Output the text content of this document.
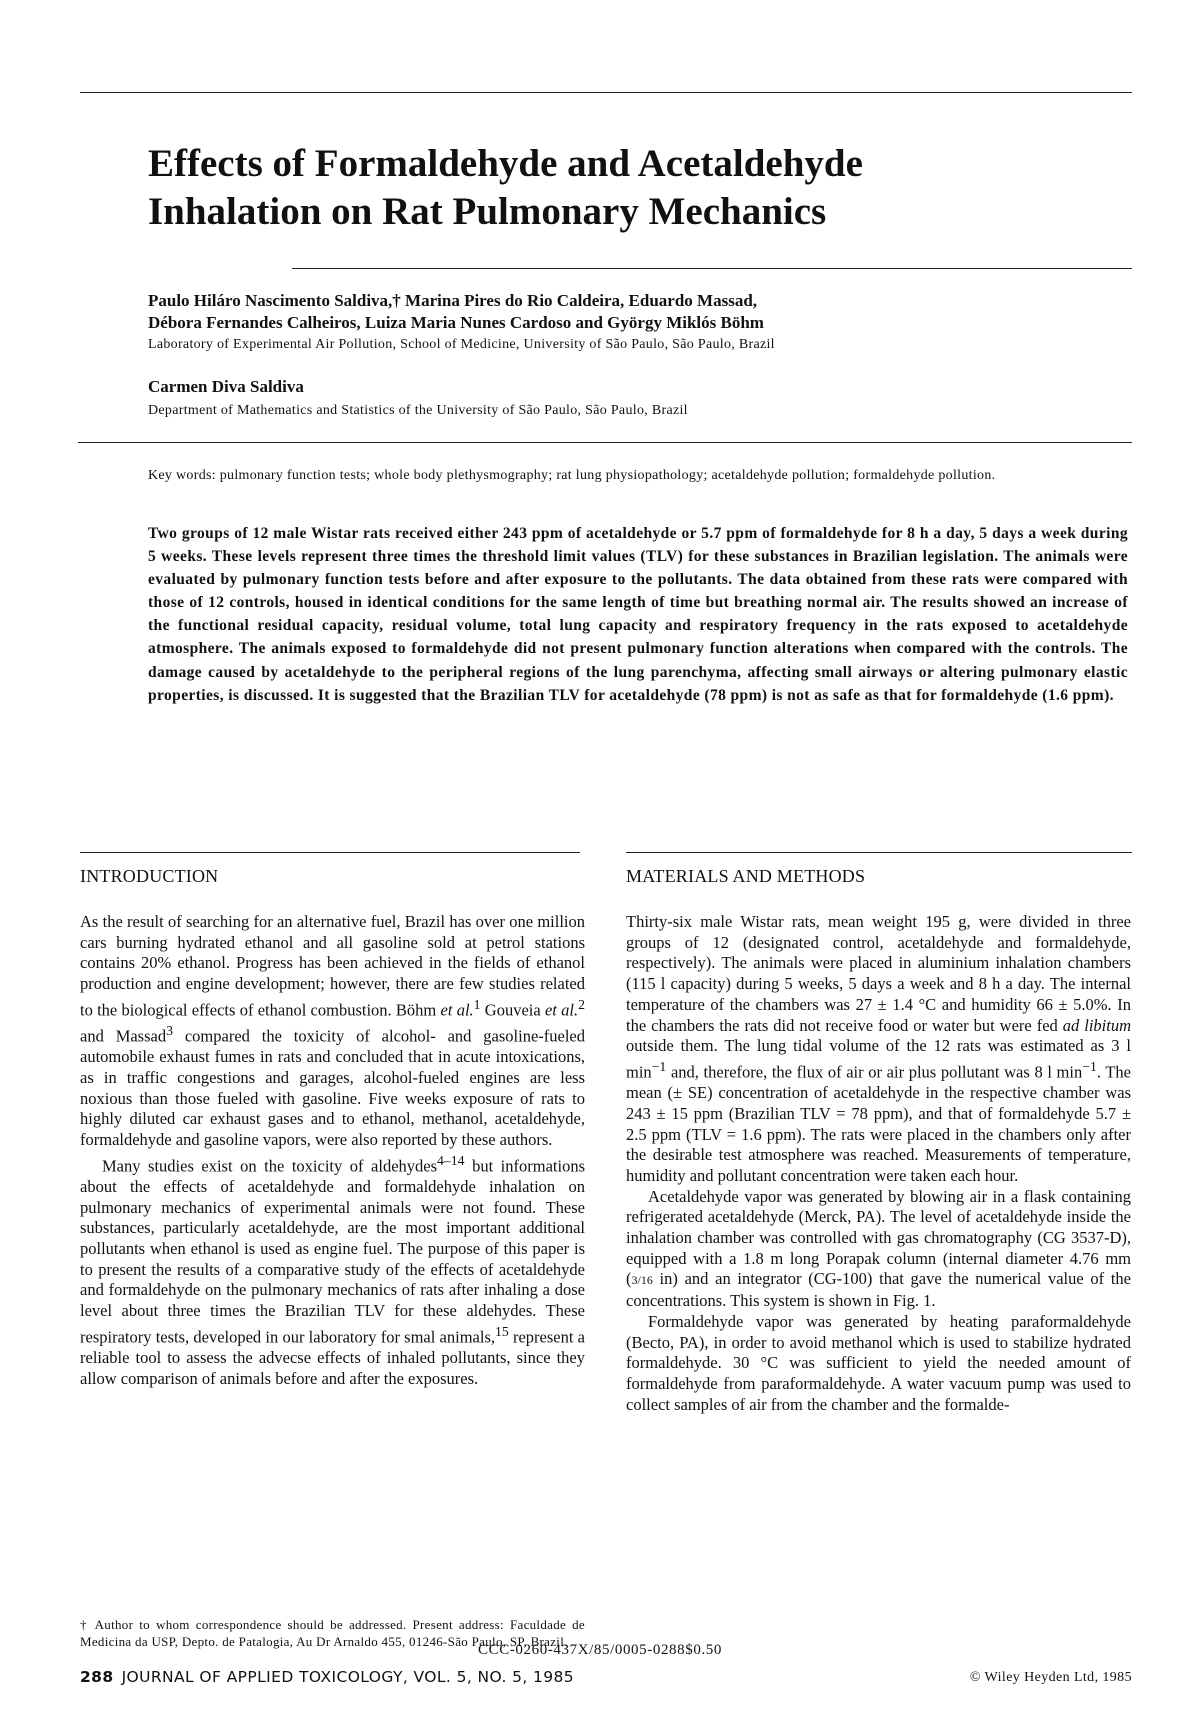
Effects of Formaldehyde and Acetaldehyde
Inhalation on Rat Pulmonary Mechanics

Paulo Hiláro Nascimento Saldiva,† Marina Pires do Rio Caldeira, Eduardo Massad,
Débora Fernandes Calheiros, Luiza Maria Nunes Cardoso and György Miklós Böhm

Laboratory of Experimental Air Pollution, School of Medicine, University of São Paulo, São Paulo, Brazil

Carmen Diva Saldiva

Department of Mathematics and Statistics of the University of São Paulo, São Paulo, Brazil

Key words: pulmonary function tests; whole body plethysmography; rat lung physiopathology; acetaldehyde pollution; formaldehyde pollution.

Two groups of 12 male Wistar rats received either 243 ppm of acetaldehyde or 5.7 ppm of formaldehyde for 8 h a day, 5 days a week during 5 weeks. These levels represent three times the threshold limit values (TLV) for these substances in Brazilian legislation. The animals were evaluated by pulmonary function tests before and after exposure to the pollutants. The data obtained from these rats were compared with those of 12 controls, housed in identical conditions for the same length of time but breathing normal air. The results showed an increase of the functional residual capacity, residual volume, total lung capacity and respiratory frequency in the rats exposed to acetaldehyde atmosphere. The animals exposed to formaldehyde did not present pulmonary function alterations when compared with the controls. The damage caused by acetaldehyde to the peripheral regions of the lung parenchyma, affecting small airways or altering pulmonary elastic properties, is discussed. It is suggested that the Brazilian TLV for acetaldehyde (78 ppm) is not as safe as that for formaldehyde (1.6 ppm).

INTRODUCTION	MATERIALS AND METHODS

As the result of searching for an alternative fuel, Brazil has over one million cars burning hydrated ethanol and all gasoline sold at petrol stations contains 20% ethanol. Progress has been achieved in the fields of ethanol production and engine development; however, there are few studies related to the biological effects of ethanol combustion. Böhm et al.$^1$ Gouveia et al.$^2$ and Massad$^3$ compared the toxicity of alcohol- and gasoline-fueled automobile exhaust fumes in rats and concluded that in acute intoxications, as in traffic congestions and garages, alcohol-fueled engines are less noxious than those fueled with gasoline. Five weeks exposure of rats to highly diluted car exhaust gases and to ethanol, methanol, acetaldehyde, formaldehyde and gasoline vapors, were also reported by these authors.

Many studies exist on the toxicity of aldehydes$^{4-14}$ but informations about the effects of acetaldehyde and formaldehyde inhalation on pulmonary mechanics of experimental animals were not found. These substances, particularly acetaldehyde, are the most important additional pollutants when ethanol is used as engine fuel. The purpose of this paper is to present the results of a comparative study of the effects of acetaldehyde and formaldehyde on the pulmonary mechanics of rats after inhaling a dose level about three times the Brazilian TLV for these aldehydes. These respiratory tests, developed in our laboratory for smal animals,$^{15}$ represent a reliable tool to assess the advecse effects of inhaled pollutants, since they allow comparison of animals before and after the exposures.

† Author to whom correspondence should be addressed. Present address: Faculdade de Medicina da USP, Depto. de Patalogia, Au Dr Arnaldo 455, 01246-São Paulo, SP, Brazil.

Thirty-six male Wistar rats, mean weight 195 g, were divided in three groups of 12 (designated control, acetaldehyde and formaldehyde, respectively). The animals were placed in aluminium inhalation chambers (115 l capacity) during 5 weeks, 5 days a week and 8 h a day. The internal temperature of the chambers was 27 ± 1.4 °C and humidity 66 ± 5.0%. In the chambers the rats did not receive food or water but were fed ad libitum outside them. The lung tidal volume of the 12 rats was estimated as 3 l $\min^{-1}$ and, therefore, the flux of air or air plus pollutant was 8 l $\min^{-1}$. The mean (± SE) concentration of acetaldehyde in the respective chamber was 243 ± 15 ppm (Brazilian TLV = 78 ppm), and that of formaldehyde 5.7 ± 2.5 ppm (TLV = 1.6 ppm). The rats were placed in the chambers only after the desirable test atmosphere was reached. Measurements of temperature, humidity and pollutant concentration were taken each hour.

Acetaldehyde vapor was generated by blowing air in a flask containing refrigerated acetaldehyde (Merck, PA). The level of acetaldehyde inside the inhalation chamber was controlled with gas chromatography (CG 3537-D), equipped with a 1.8 m long Porapak column (internal diameter 4.76 mm (3/16 in) and an integrator (CG-100) that gave the numerical value of the concentrations. This system is shown in Fig. 1.

Formaldehyde vapor was generated by heating paraformaldehyde (Becto, PA), in order to avoid methanol which is used to stabilize hydrated formaldehyde. 30 °C was sufficient to yield the needed amount of formaldehyde from paraformaldehyde. A water vacuum pump was used to collect samples of air from the chamber and the formalde-

CCC-0260-437X/85/0005-0288$0.50

288 JOURNAL OF APPLIED TOXICOLOGY, VOL. 5, NO. 5, 1985	© Wiley Heyden Ltd, 1985
